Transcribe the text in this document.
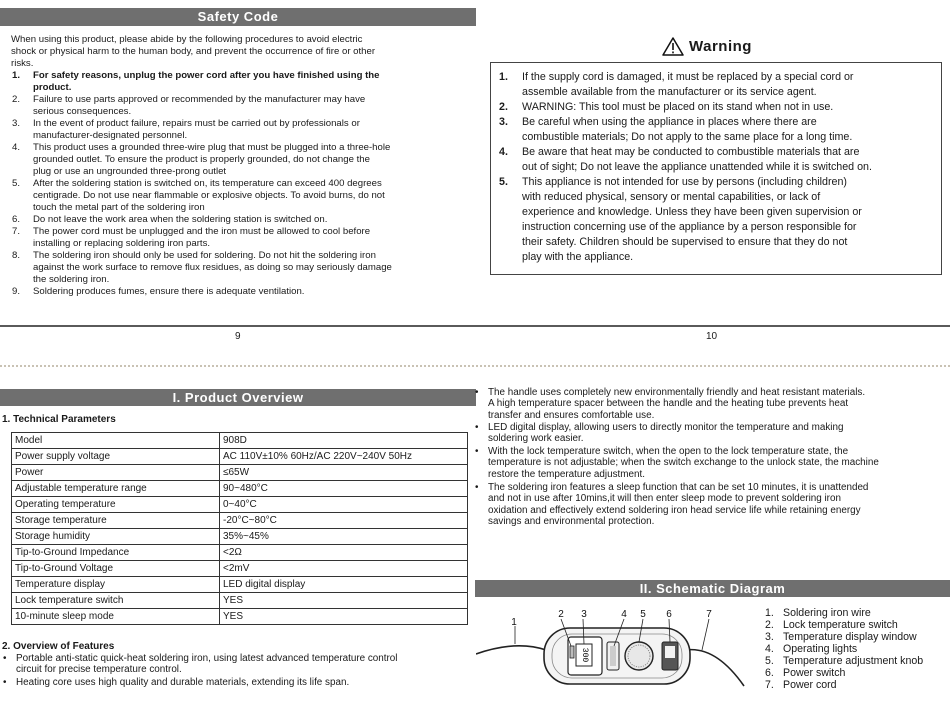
Safety Code
When using this product, please abide by the following procedures to avoid electric
shock or physical harm to the human body, and prevent the occurrence of fire or other
risks.
1. For safety reasons, unplug the power cord after you have finished using the
product.
2. Failure to use parts approved or recommended by the manufacturer may have
serious consequences.
3. In the event of product failure, repairs must be carried out by professionals or
manufacturer-designated personnel.
4. This product uses a grounded three-wire plug that must be plugged into a three-hole
grounded outlet. To ensure the product is properly grounded, do not change the
plug or use an ungrounded three-prong outlet
5. After the soldering station is switched on, its temperature can exceed 400 degrees
centigrade. Do not use near flammable or explosive objects. To avoid burns, do not
touch the metal part of the soldering iron
6. Do not leave the work area when the soldering station is switched on.
7. The power cord must be unplugged and the iron must be allowed to cool before
installing or replacing soldering iron parts.
8. The soldering iron should only be used for soldering. Do not hit the soldering iron
against the work surface to remove flux residues, as doing so may seriously damage
the soldering iron.
9. Soldering produces fumes, ensure there is adequate ventilation.
Warning
1. If the supply cord is damaged, it must be replaced by a special cord or
assemble available from the manufacturer or its service agent.
2. WARNING: This tool must be placed on its stand when not in use.
3. Be careful when using the appliance in places where there are
combustible materials; Do not apply to the same place for a long time.
4. Be aware that heat may be conducted to combustible materials that are
out of sight; Do not leave the appliance unattended while it is switched on.
5. This appliance is not intended for use by persons (including children)
with reduced physical, sensory or mental capabilities, or lack of
experience and knowledge. Unless they have been given supervision or
instruction concerning use of the appliance by a person responsible for
their safety. Children should be supervised to ensure that they do not
play with the appliance.
9	10
I. Product Overview
1. Technical Parameters
Model	908D
Power supply voltage	AC 110V±10% 60Hz/AC 220V~240V 50Hz
Power	≤65W
Adjustable temperature range	90~480°C
Operating temperature	0~40°C
Storage temperature	-20°C~80°C
Storage humidity	35%~45%
Tip-to-Ground Impedance	<2Ω
Tip-to-Ground Voltage	<2mV
Temperature display	LED digital display
Lock temperature switch	YES
10-minute sleep mode	YES
2. Overview of Features
• Portable anti-static quick-heat soldering iron, using latest advanced temperature control
circuit for precise temperature control.
• Heating core uses high quality and durable materials, extending its life span.
• The handle uses completely new environmentally friendly and heat resistant materials.
A high temperature spacer between the handle and the heating tube prevents heat
transfer and ensures comfortable use.
• LED digital display, allowing users to directly monitor the temperature and making
soldering work easier.
• With the lock temperature switch, when the open to the lock temperature state, the
temperature is not adjustable; when the switch exchange to the unlock state, the machine
restore the temperature adjustment.
• The soldering iron features a sleep function that can be set 10 minutes, it is unattended
and not in use after 10mins,it will then enter sleep mode to prevent soldering iron
oxidation and effectively extend soldering iron head service life while retaining energy
savings and environmental protection.
II. Schematic Diagram
300
1
2 3	4 5 6	7	1. Soldering iron wire
2. Lock temperature switch
3. Temperature display window
4. Operating lights
5. Temperature adjustment knob
6. Power switch
7. Power cord
